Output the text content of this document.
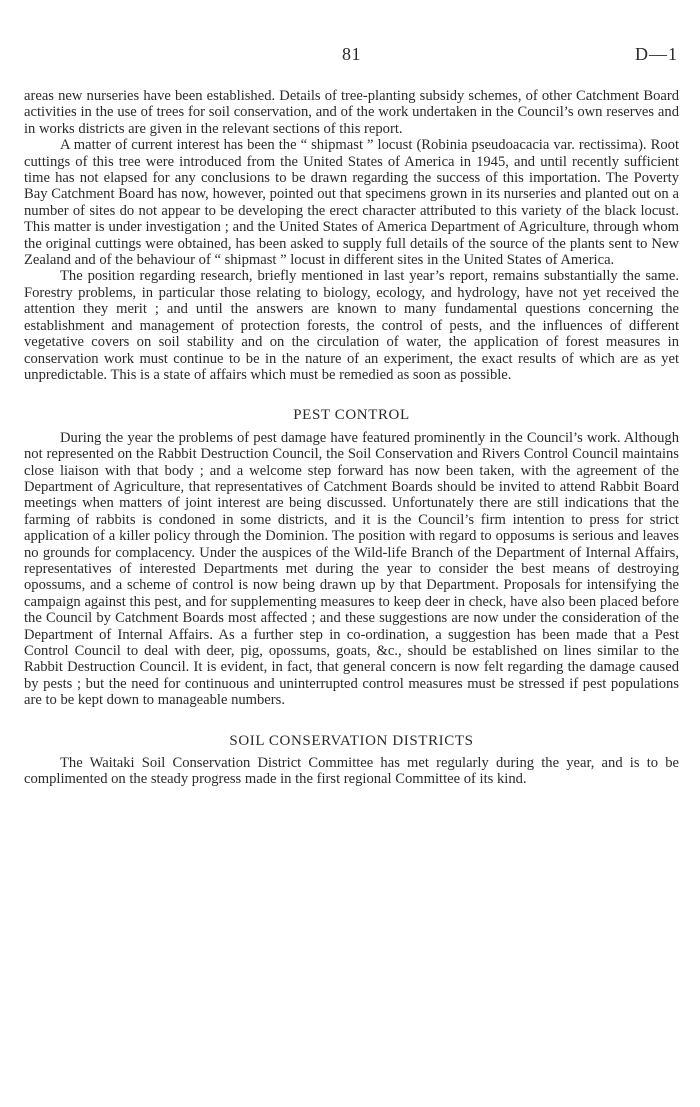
81	D—1

areas new nurseries have been established. Details of tree-planting subsidy schemes, of other Catchment Board activities in the use of trees for soil conservation, and of the work undertaken in the Council’s own reserves and in works districts are given in the relevant sections of this report.

A matter of current interest has been the “ shipmast ” locust (Robinia pseudoacacia var. rectissima). Root cuttings of this tree were introduced from the United States of America in 1945, and until recently sufficient time has not elapsed for any conclusions to be drawn regarding the success of this importation. The Poverty Bay Catchment Board has now, however, pointed out that specimens grown in its nurseries and planted out on a number of sites do not appear to be developing the erect character attributed to this variety of the black locust. This matter is under investigation ; and the United States of America Department of Agriculture, through whom the original cuttings were obtained, has been asked to supply full details of the source of the plants sent to New Zealand and of the behaviour of “ shipmast ” locust in different sites in the United States of America.

The position regarding research, briefly mentioned in last year’s report, remains substantially the same. Forestry problems, in particular those relating to biology, ecology, and hydrology, have not yet received the attention they merit ; and until the answers are known to many fundamental questions concerning the establishment and management of protection forests, the control of pests, and the influences of different vegetative covers on soil stability and on the circulation of water, the application of forest measures in conservation work must continue to be in the nature of an experiment, the exact results of which are as yet unpredictable. This is a state of affairs which must be remedied as soon as possible.

PEST CONTROL

During the year the problems of pest damage have featured prominently in the Council’s work. Although not represented on the Rabbit Destruction Council, the Soil Conservation and Rivers Control Council maintains close liaison with that body ; and a welcome step forward has now been taken, with the agreement of the Department of Agriculture, that representatives of Catchment Boards should be invited to attend Rabbit Board meetings when matters of joint interest are being discussed. Unfortunately there are still indications that the farming of rabbits is condoned in some districts, and it is the Council’s firm intention to press for strict application of a killer policy through the Dominion. The position with regard to opposums is serious and leaves no grounds for complacency. Under the auspices of the Wild-life Branch of the Department of Internal Affairs, representatives of interested Departments met during the year to consider the best means of destroying opossums, and a scheme of control is now being drawn up by that Department. Proposals for intensifying the campaign against this pest, and for supplementing measures to keep deer in check, have also been placed before the Council by Catchment Boards most affected ; and these suggestions are now under the consideration of the Department of Internal Affairs. As a further step in co-ordination, a suggestion has been made that a Pest Control Council to deal with deer, pig, opossums, goats, &c., should be established on lines similar to the Rabbit Destruction Council. It is evident, in fact, that general concern is now felt regarding the damage caused by pests ; but the need for continuous and uninterrupted control measures must be stressed if pest populations are to be kept down to manageable numbers.

SOIL CONSERVATION DISTRICTS

The Waitaki Soil Conservation District Committee has met regularly during the year, and is to be complimented on the steady progress made in the first regional Committee of its kind.
